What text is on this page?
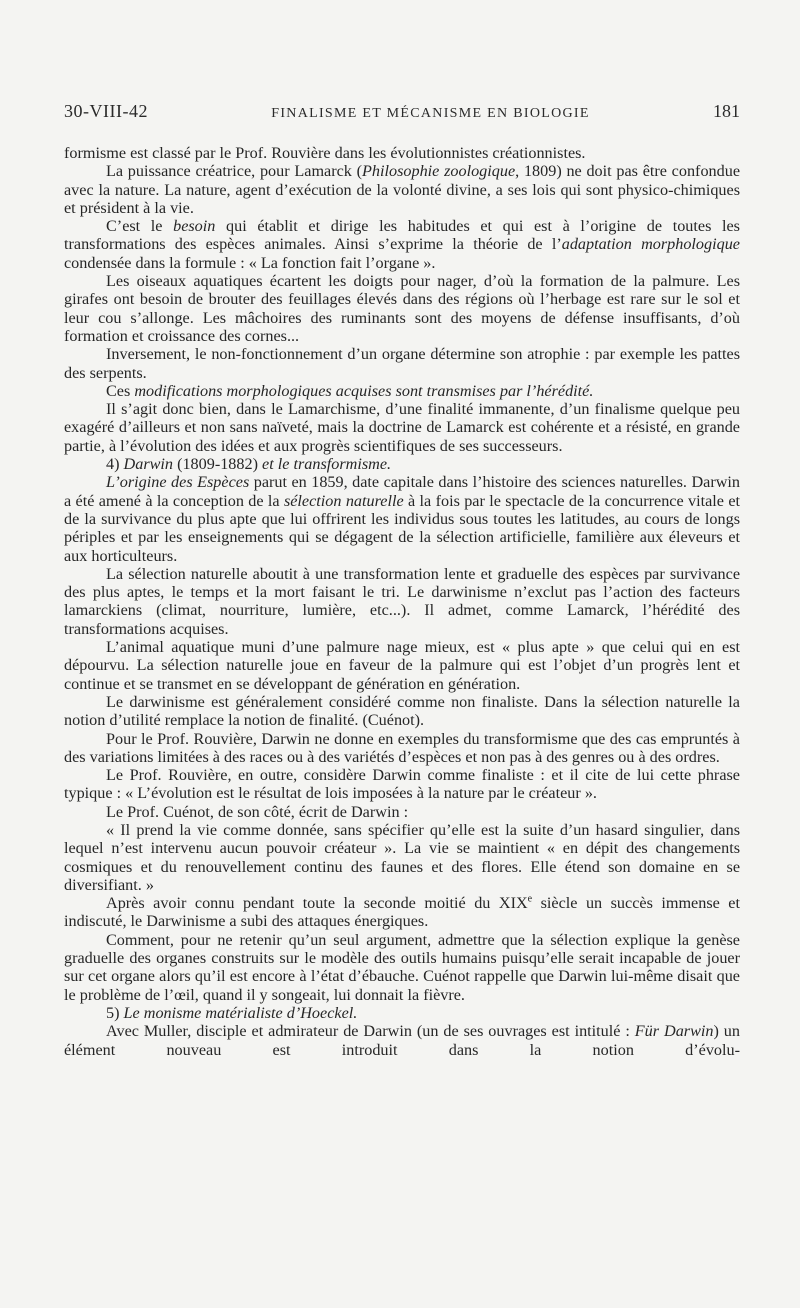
30-VIII-42	FINALISME ET MÉCANISME EN BIOLOGIE	181

formisme est classé par le Prof. Rouvière dans les évolutionnistes créationnistes.

La puissance créatrice, pour Lamarck (Philosophie zoologique, 1809) ne doit pas être confondue avec la nature. La nature, agent d’exécution de la volonté divine, a ses lois qui sont physico-chimiques et président à la vie.

C’est le besoin qui établit et dirige les habitudes et qui est à l’origine de toutes les transformations des espèces animales. Ainsi s’exprime la théorie de l’adaptation morphologique condensée dans la formule : « La fonction fait l’organe ».

Les oiseaux aquatiques écartent les doigts pour nager, d’où la formation de la palmure. Les girafes ont besoin de brouter des feuillages élevés dans des régions où l’herbage est rare sur le sol et leur cou s’allonge. Les mâchoires des ruminants sont des moyens de défense insuffisants, d’où formation et croissance des cornes...

Inversement, le non-fonctionnement d’un organe détermine son atrophie : par exemple les pattes des serpents.

Ces modifications morphologiques acquises sont transmises par l’hérédité.

Il s’agit donc bien, dans le Lamarchisme, d’une finalité immanente, d’un finalisme quelque peu exagéré d’ailleurs et non sans naïveté, mais la doctrine de Lamarck est cohérente et a résisté, en grande partie, à l’évolution des idées et aux progrès scientifiques de ses successeurs.

4) Darwin (1809-1882) et le transformisme.

L’origine des Espèces parut en 1859, date capitale dans l’histoire des sciences naturelles. Darwin a été amené à la conception de la sélection naturelle à la fois par le spectacle de la concurrence vitale et de la survivance du plus apte que lui offrirent les individus sous toutes les latitudes, au cours de longs périples et par les enseignements qui se dégagent de la sélection artificielle, familière aux éleveurs et aux horticulteurs.

La sélection naturelle aboutit à une transformation lente et graduelle des espèces par survivance des plus aptes, le temps et la mort faisant le tri. Le darwinisme n’exclut pas l’action des facteurs lamarckiens (climat, nourriture, lumière, etc...). Il admet, comme Lamarck, l’hérédité des transformations acquises.

L’animal aquatique muni d’une palmure nage mieux, est « plus apte » que celui qui en est dépourvu. La sélection naturelle joue en faveur de la palmure qui est l’objet d’un progrès lent et continue et se transmet en se développant de génération en génération.

Le darwinisme est généralement considéré comme non finaliste. Dans la sélection naturelle la notion d’utilité remplace la notion de finalité. (Cuénot).

Pour le Prof. Rouvière, Darwin ne donne en exemples du transformisme que des cas empruntés à des variations limitées à des races ou à des variétés d’espèces et non pas à des genres ou à des ordres.

Le Prof. Rouvière, en outre, considère Darwin comme finaliste : et il cite de lui cette phrase typique : « L’évolution est le résultat de lois imposées à la nature par le créateur ».

Le Prof. Cuénot, de son côté, écrit de Darwin :

« Il prend la vie comme donnée, sans spécifier qu’elle est la suite d’un hasard singulier, dans lequel n’est intervenu aucun pouvoir créateur ». La vie se maintient « en dépit des changements cosmiques et du renouvellement continu des faunes et des flores. Elle étend son domaine en se diversifiant. »

Après avoir connu pendant toute la seconde moitié du XIXe siècle un succès immense et indiscuté, le Darwinisme a subi des attaques énergiques.

Comment, pour ne retenir qu’un seul argument, admettre que la sélection explique la genèse graduelle des organes construits sur le modèle des outils humains puisqu’elle serait incapable de jouer sur cet organe alors qu’il est encore à l’état d’ébauche. Cuénot rappelle que Darwin lui-même disait que le problème de l’œil, quand il y songeait, lui donnait la fièvre.

5) Le monisme matérialiste d’Hoeckel.

Avec Muller, disciple et admirateur de Darwin (un de ses ouvrages est intitulé : Für Darwin) un élément nouveau est introduit dans la notion d’évolu-
